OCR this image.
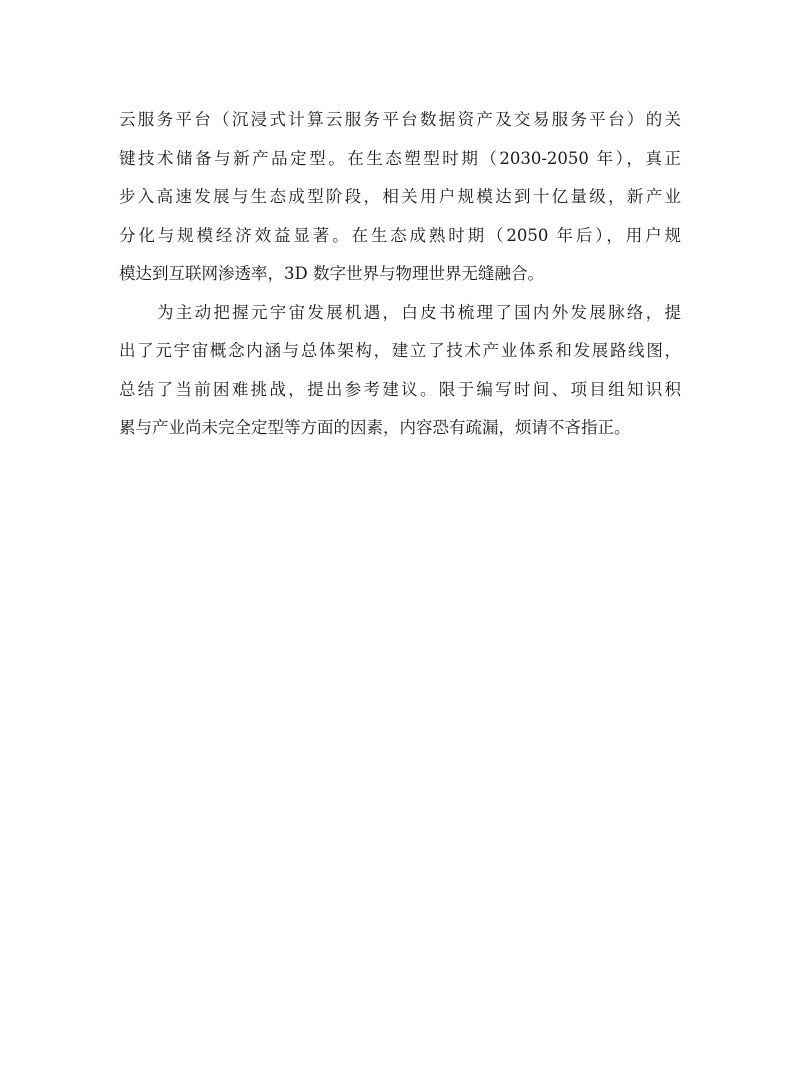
云服务平台（沉浸式计算云服务平台数据资产及交易服务平台）的关
键技术储备与新产品定型。在生态塑型时期（2030-2050 年），真正
步入高速发展与生态成型阶段，相关用户规模达到十亿量级，新产业
分化与规模经济效益显著。在生态成熟时期（2050 年后），用户规
模达到互联网渗透率，3D 数字世界与物理世界无缝融合。
为主动把握元宇宙发展机遇，白皮书梳理了国内外发展脉络，提
出了元宇宙概念内涵与总体架构，建立了技术产业体系和发展路线图，
总结了当前困难挑战，提出参考建议。限于编写时间、项目组知识积
累与产业尚未完全定型等方面的因素，内容恐有疏漏，烦请不吝指正。
